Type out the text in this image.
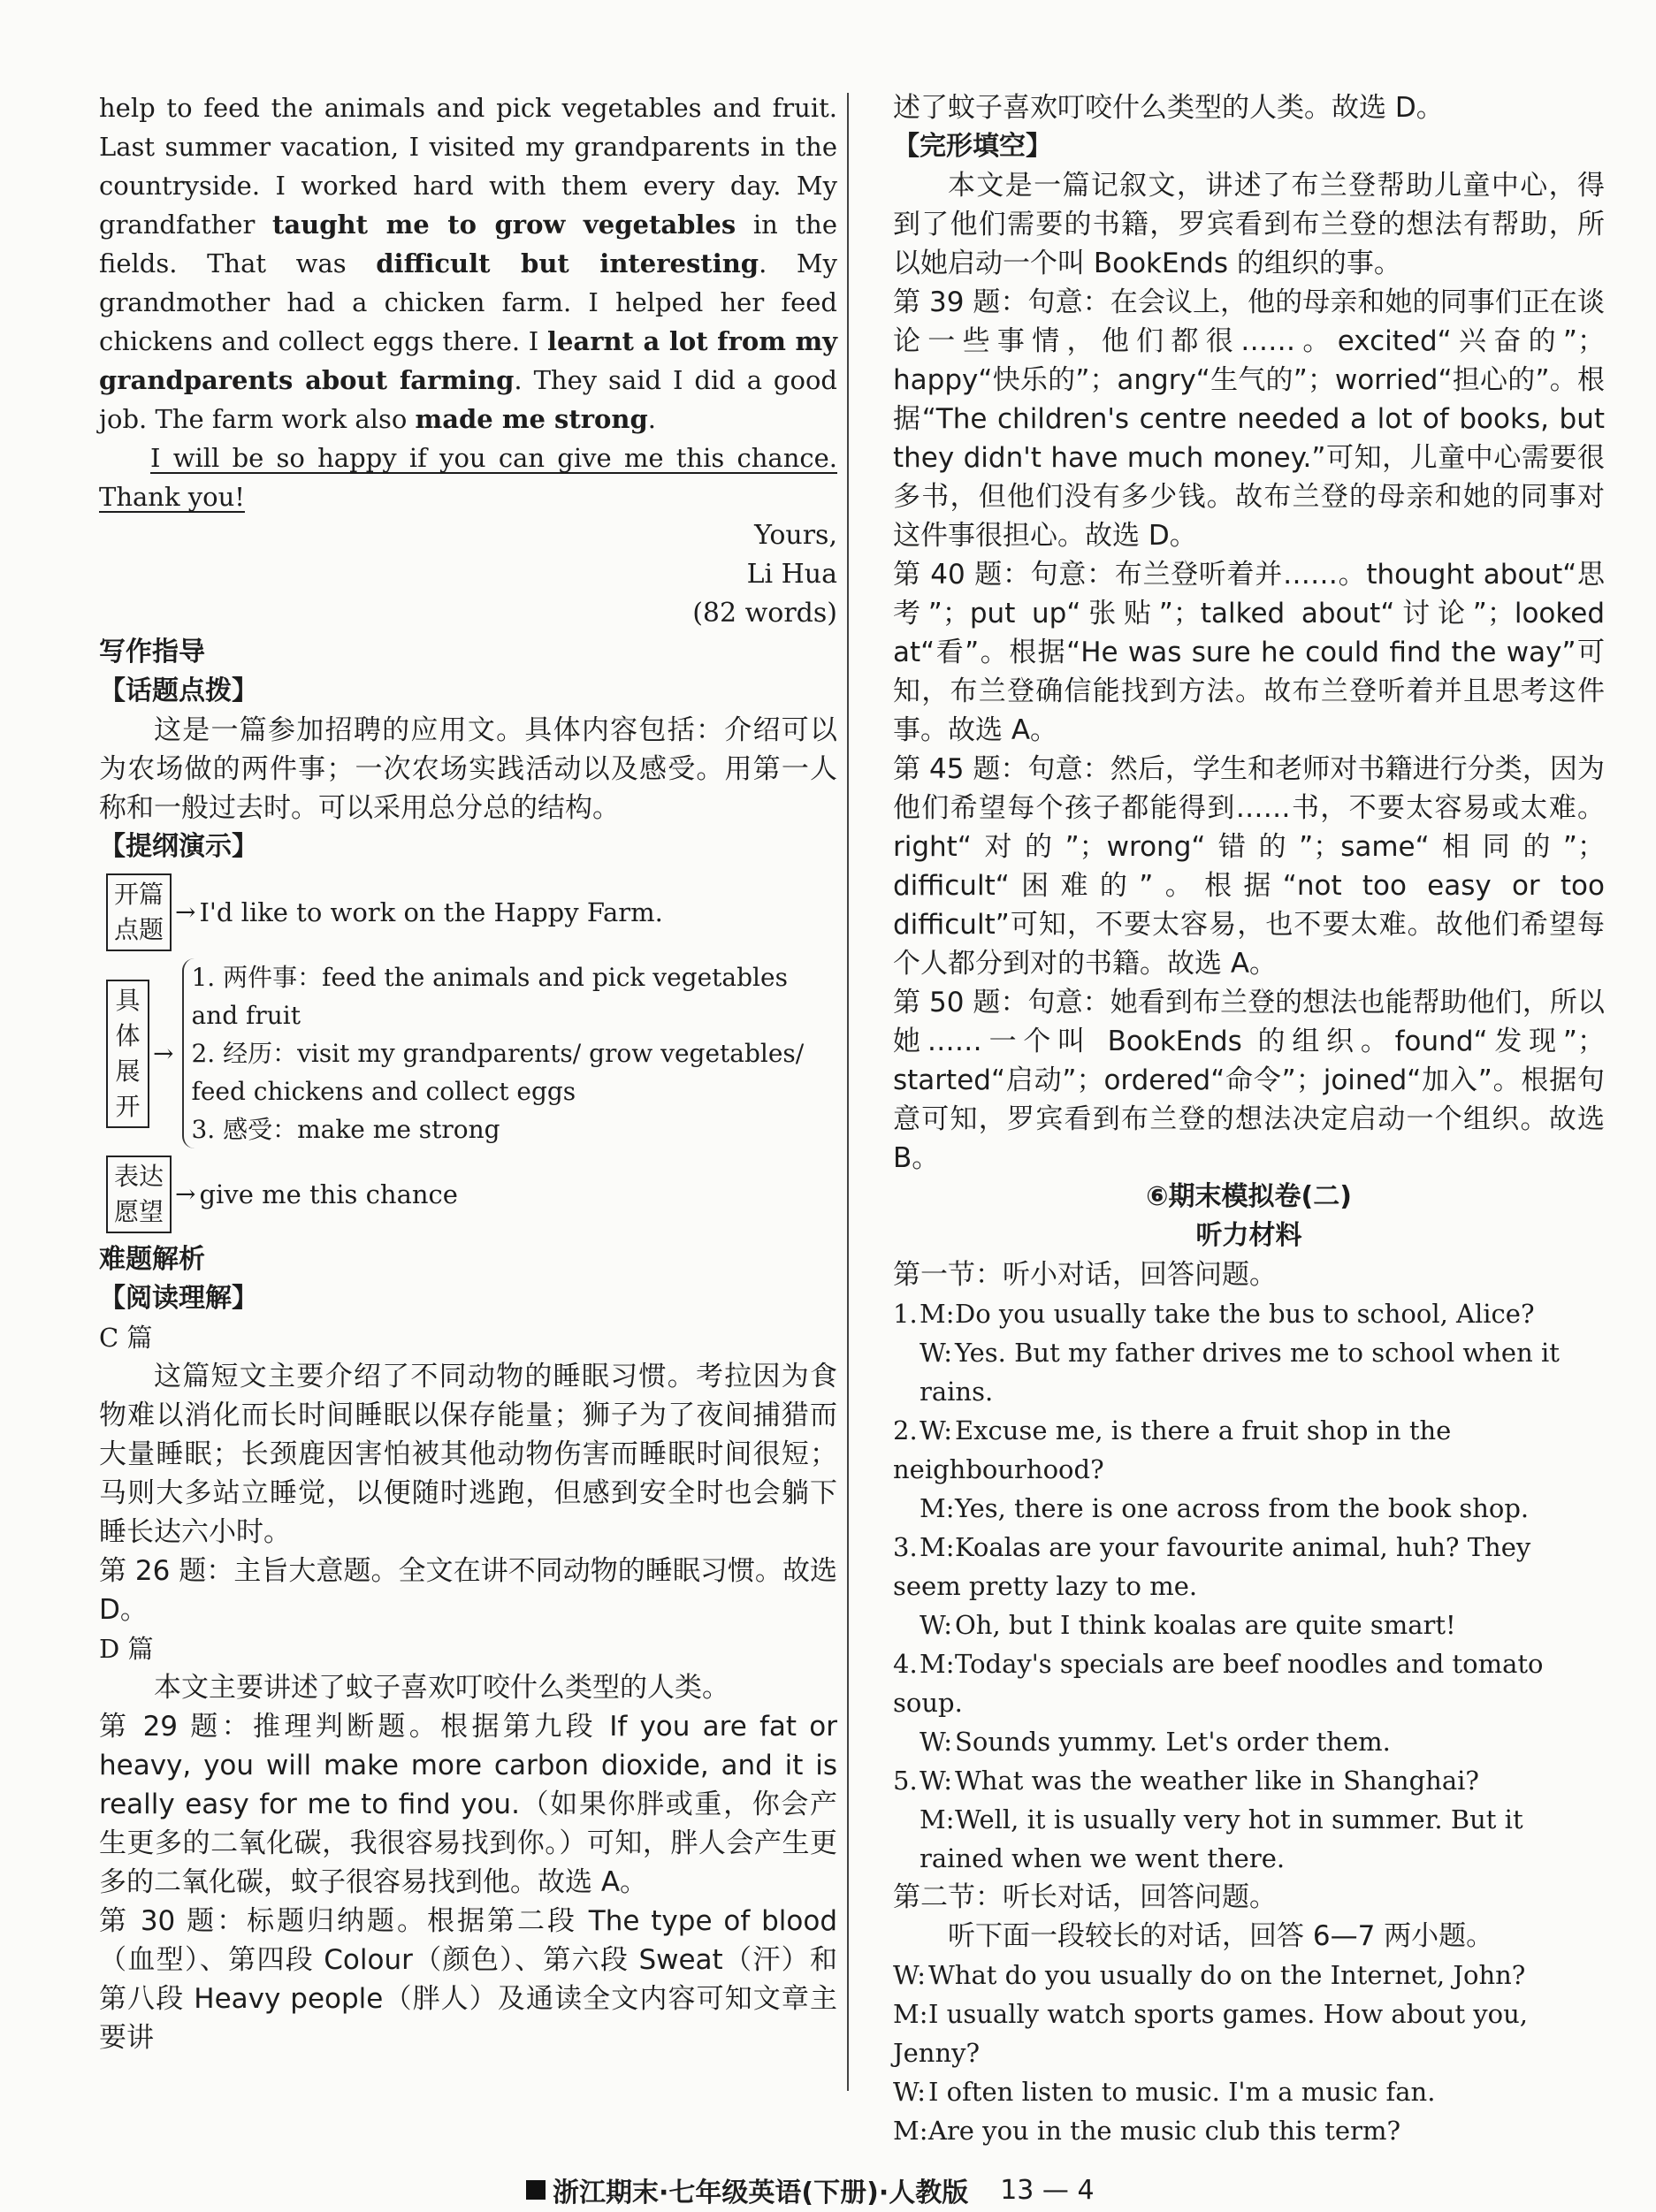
help to feed the animals and pick vegetables and fruit. Last summer vacation, I visited my grandparents in the countryside. I worked hard with them every day. My grandfather taught me to grow vegetables in the fields. That was difficult but interesting. My grandmother had a chicken farm. I helped her feed chickens and collect eggs there. I learnt a lot from my grandparents about farming. They said I did a good job. The farm work also made me strong.

I will be so happy if you can give me this chance. Thank you!

Yours,

Li Hua

(82 words)

写作指导

【话题点拨】

这是一篇参加招聘的应用文。具体内容包括：介绍可以为农场做的两件事；一次农场实践活动以及感受。用第一人称和一般过去时。可以采用总分总的结构。

【提纲演示】

开篇点题
→ I'd like to work on the Happy Farm.
具体展开
→
1. 两件事：feed the animals and pick vegetables and fruit
2. 经历：visit my grandparents/ grow vegetables/ feed chickens and collect eggs
3. 感受：make me strong
表达愿望
→ give me this chance

难题解析

【阅读理解】

C 篇

这篇短文主要介绍了不同动物的睡眠习惯。考拉因为食物难以消化而长时间睡眠以保存能量；狮子为了夜间捕猎而大量睡眠；长颈鹿因害怕被其他动物伤害而睡眠时间很短；马则大多站立睡觉，以便随时逃跑，但感到安全时也会躺下睡长达六小时。

第 26 题：主旨大意题。全文在讲不同动物的睡眠习惯。故选 D。

D 篇

本文主要讲述了蚊子喜欢叮咬什么类型的人类。

第 29 题：推理判断题。根据第九段 If you are fat or heavy, you will make more carbon dioxide, and it is really easy for me to find you.（如果你胖或重，你会产生更多的二氧化碳，我很容易找到你。）可知，胖人会产生更多的二氧化碳，蚊子很容易找到他。故选 A。

第 30 题：标题归纳题。根据第二段 The type of blood（血型）、第四段 Colour（颜色）、第六段 Sweat（汗）和第八段 Heavy people（胖人）及通读全文内容可知文章主要讲

述了蚊子喜欢叮咬什么类型的人类。故选 D。

【完形填空】

本文是一篇记叙文，讲述了布兰登帮助儿童中心，得到了他们需要的书籍，罗宾看到布兰登的想法有帮助，所以她启动一个叫 BookEnds 的组织的事。

第 39 题：句意：在会议上，他的母亲和她的同事们正在谈论一些事情，他们都很……。excited“兴奋的”；happy“快乐的”；angry“生气的”；worried“担心的”。根据“The children's centre needed a lot of books, but they didn't have much money.”可知，儿童中心需要很多书，但他们没有多少钱。故布兰登的母亲和她的同事对这件事很担心。故选 D。

第 40 题：句意：布兰登听着并……。thought about“思考”；put up“张贴”；talked about“讨论”；looked at“看”。根据“He was sure he could find the way”可知，布兰登确信能找到方法。故布兰登听着并且思考这件事。故选 A。

第 45 题：句意：然后，学生和老师对书籍进行分类，因为他们希望每个孩子都能得到……书，不要太容易或太难。right“对的”；wrong“错的”；same“相同的”；difficult“困难的”。根据“not too easy or too difficult”可知，不要太容易，也不要太难。故他们希望每个人都分到对的书籍。故选 A。

第 50 题：句意：她看到布兰登的想法也能帮助他们，所以她……一个叫 BookEnds 的组织。found“发现”；started“启动”；ordered“命令”；joined“加入”。根据句意可知，罗宾看到布兰登的想法决定启动一个组织。故选 B。

⑥期末模拟卷(二)

听力材料

第一节：听小对话，回答问题。

1.M:Do you usually take the bus to school, Alice?

W: Yes. But my father drives me to school when it rains.

2.W: Excuse me, is there a fruit shop in the neighbourhood?

M:Yes, there is one across from the book shop.

3.M:Koalas are your favourite animal, huh? They seem pretty lazy to me.

W: Oh, but I think koalas are quite smart!

4.M:Today's specials are beef noodles and tomato soup.

W: Sounds yummy. Let's order them.

5.W: What was the weather like in Shanghai?

M:Well, it is usually very hot in summer. But it rained when we went there.

第二节：听长对话，回答问题。

听下面一段较长的对话，回答 6—7 两小题。

W: What do you usually do on the Internet, John?

M:I usually watch sports games. How about you, Jenny?

W: I often listen to music. I'm a music fan.

M:Are you in the music club this term?

浙江期末·七年级英语(下册)·人教版 13 — 4
